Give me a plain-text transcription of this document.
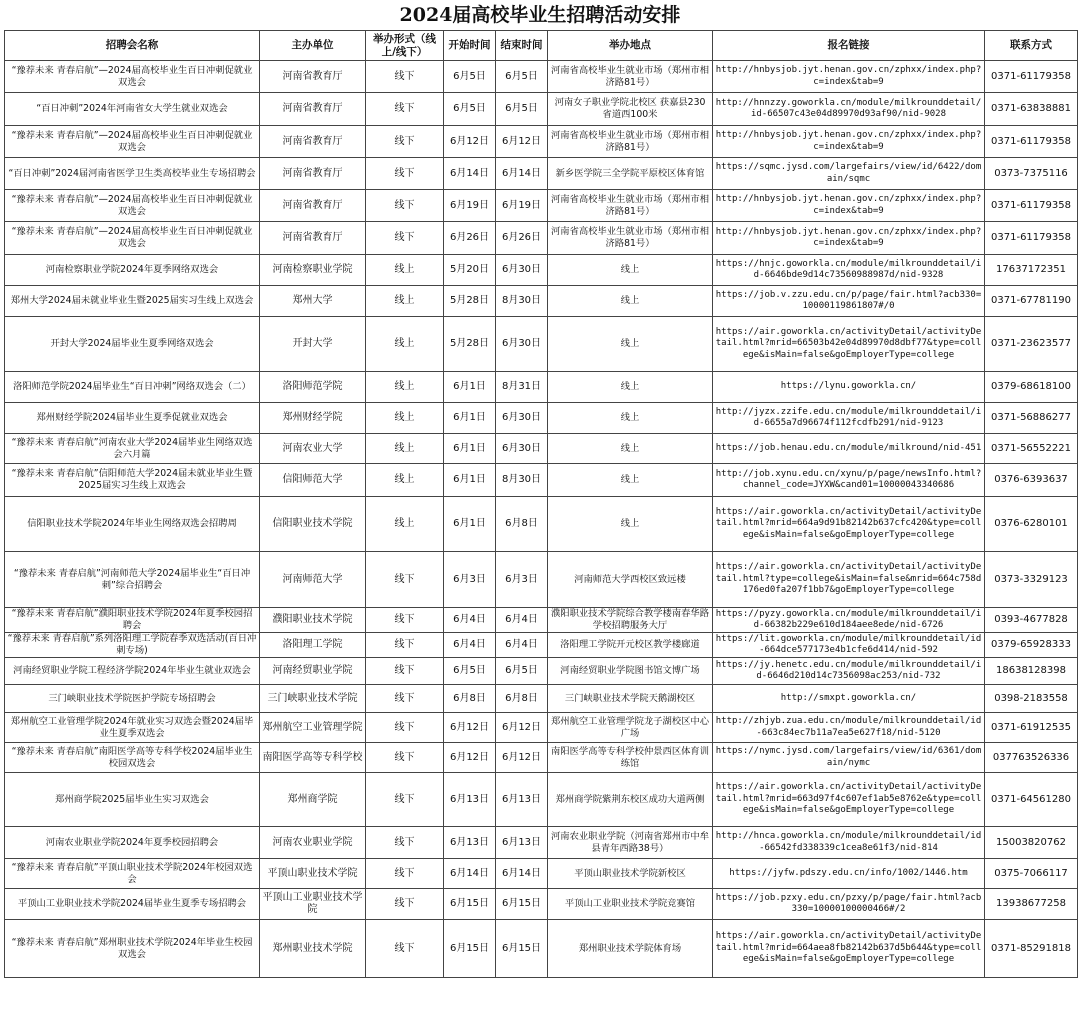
2024届高校毕业生招聘活动安排
招聘会名称	主办单位	举办形式（线上/线下）	开始时间	结束时间	举办地点	报名链接	联系方式
“豫荐未来 青春启航”—2024届高校毕业生百日冲刺促就业双选会	河南省教育厅	线下	6月5日	6月5日	河南省高校毕业生就业市场（郑州市相济路81号）	http://hnbysjob.jyt.henan.gov.cn/zphxx/index.php?c=index&tab=9	0371-61179358
“百日冲刺”2024年河南省女大学生就业双选会	河南省教育厅	线下	6月5日	6月5日	河南女子职业学院北校区 获嘉县230省道西100米	http://hnnzzy.goworkla.cn/module/milkrounddetail/id-66507c43e04d89970d93af90/nid-9028	0371-63838881
“豫荐未来 青春启航”—2024届高校毕业生百日冲刺促就业双选会	河南省教育厅	线下	6月12日	6月12日	河南省高校毕业生就业市场（郑州市相济路81号）	http://hnbysjob.jyt.henan.gov.cn/zphxx/index.php?c=index&tab=9	0371-61179358
“百日冲刺”2024届河南省医学卫生类高校毕业生专场招聘会	河南省教育厅	线下	6月14日	6月14日	新乡医学院三全学院平原校区体育馆	https://sqmc.jysd.com/largefairs/view/id/6422/domain/sqmc	0373-7375116
“豫荐未来 青春启航”—2024届高校毕业生百日冲刺促就业双选会	河南省教育厅	线下	6月19日	6月19日	河南省高校毕业生就业市场（郑州市相济路81号）	http://hnbysjob.jyt.henan.gov.cn/zphxx/index.php?c=index&tab=9	0371-61179358
“豫荐未来 青春启航”—2024届高校毕业生百日冲刺促就业双选会	河南省教育厅	线下	6月26日	6月26日	河南省高校毕业生就业市场（郑州市相济路81号）	http://hnbysjob.jyt.henan.gov.cn/zphxx/index.php?c=index&tab=9	0371-61179358
河南检察职业学院2024年夏季网络双选会	河南检察职业学院	线上	5月20日	6月30日	线上	https://hnjc.goworkla.cn/module/milkrounddetail/id-6646bde9d14c73560988987d/nid-9328	17637172351
郑州大学2024届未就业毕业生暨2025届实习生线上双选会	郑州大学	线上	5月28日	8月30日	线上	https://job.v.zzu.edu.cn/p/page/fair.html?acb330=10000119861807#/0	0371-67781190
开封大学2024届毕业生夏季网络双选会	开封大学	线上	5月28日	6月30日	线上	https://air.goworkla.cn/activityDetail/activityDetail.html?mrid=66503b42e04d89970d8dbf77&type=college&isMain=false&goEmployerType=college	0371-23623577
洛阳师范学院2024届毕业生“百日冲刺”网络双选会（二）	洛阳师范学院	线上	6月1日	8月31日	线上	https://lynu.goworkla.cn/	0379-68618100
郑州财经学院2024届毕业生夏季促就业双选会	郑州财经学院	线上	6月1日	6月30日	线上	http://jyzx.zzife.edu.cn/module/milkrounddetail/id-6655a7d96674f112fcdfb291/nid-9123	0371-56886277
“豫荐未来 青春启航”河南农业大学2024届毕业生网络双选会六月篇	河南农业大学	线上	6月1日	6月30日	线上	https://job.henau.edu.cn/module/milkround/nid-451	0371-56552221
“豫荐未来 青春启航”信阳师范大学2024届未就业毕业生暨2025届实习生线上双选会	信阳师范大学	线上	6月1日	8月30日	线上	http://job.xynu.edu.cn/xynu/p/page/newsInfo.html?channel_code=JYXW&cand01=10000043340686	0376-6393637
信阳职业技术学院2024年毕业生网络双选会招聘周	信阳职业技术学院	线上	6月1日	6月8日	线上	https://air.goworkla.cn/activityDetail/activityDetail.html?mrid=664a9d91b82142b637cfc420&type=college&isMain=false&goEmployerType=college	0376-6280101
“豫荐未来 青春启航”河南师范大学2024届毕业生“百日冲刺”综合招聘会	河南师范大学	线下	6月3日	6月3日	河南师范大学西校区致远楼	https://air.goworkla.cn/activityDetail/activityDetail.html?type=college&isMain=false&mrid=664c758d176ed0fa207f1bb7&goEmployerType=college	0373-3329123
“豫荐未来 青春启航”濮阳职业技术学院2024年夏季校园招聘会	濮阳职业技术学院	线下	6月4日	6月4日	濮阳职业技术学院综合教学楼南春华路学校招聘服务大厅	https://pyzy.goworkla.cn/module/milkrounddetail/id-66382b229e610d184aee8ede/nid-6726	0393-4677828
“豫荐未来 青春启航”系列洛阳理工学院春季双选活动(百日冲刺专场)	洛阳理工学院	线下	6月4日	6月4日	洛阳理工学院开元校区教学楼廊道	https://lit.goworkla.cn/module/milkrounddetail/id-664dce577173e4b1cfe6d414/nid-592	0379-65928333
河南经贸职业学院工程经济学院2024年毕业生就业双选会	河南经贸职业学院	线下	6月5日	6月5日	河南经贸职业学院图书馆文博广场	https://jy.henetc.edu.cn/module/milkrounddetail/id-6646d210d14c7356098ac253/nid-732	18638128398
三门峡职业技术学院医护学院专场招聘会	三门峡职业技术学院	线下	6月8日	6月8日	三门峡职业技术学院天鹅湖校区	http://smxpt.goworkla.cn/	0398-2183558
郑州航空工业管理学院2024年就业实习双选会暨2024届毕业生夏季双选会	郑州航空工业管理学院	线下	6月12日	6月12日	郑州航空工业管理学院龙子湖校区中心广场	http://zhjyb.zua.edu.cn/module/milkrounddetail/id-663c84ec7b11a7ea5e627f18/nid-5120	0371-61912535
“豫荐未来 青春启航”南阳医学高等专科学校2024届毕业生校园双选会	南阳医学高等专科学校	线下	6月12日	6月12日	南阳医学高等专科学校仲景西区体育训练馆	https://nymc.jysd.com/largefairs/view/id/6361/domain/nymc	037763526336
郑州商学院2025届毕业生实习双选会	郑州商学院	线下	6月13日	6月13日	郑州商学院紫荆东校区成功大道两侧	https://air.goworkla.cn/activityDetail/activityDetail.html?mrid=663d97f4c607ef1ab5e8762e&type=college&isMain=false&goEmployerType=college	0371-64561280
河南农业职业学院2024年夏季校园招聘会	河南农业职业学院	线下	6月13日	6月13日	河南农业职业学院（河南省郑州市中牟县青年西路38号）	http://hnca.goworkla.cn/module/milkrounddetail/id-66542fd338339c1cea8e61f3/nid-814	15003820762
“豫荐未来 青春启航”平顶山职业技术学院2024年校园双选会	平顶山职业技术学院	线下	6月14日	6月14日	平顶山职业技术学院新校区	https://jyfw.pdszy.edu.cn/info/1002/1446.htm	0375-7066117
平顶山工业职业技术学院2024届毕业生夏季专场招聘会	平顶山工业职业技术学院	线下	6月15日	6月15日	平顶山工业职业技术学院竞赛馆	https://job.pzxy.edu.cn/pzxy/p/page/fair.html?acb330=10000100000466#/2	13938677258
“豫荐未来 青春启航”郑州职业技术学院2024年毕业生校园双选会	郑州职业技术学院	线下	6月15日	6月15日	郑州职业技术学院体育场	https://air.goworkla.cn/activityDetail/activityDetail.html?mrid=664aea8fb82142b637d5b644&type=college&isMain=false&goEmployerType=college	0371-85291818
